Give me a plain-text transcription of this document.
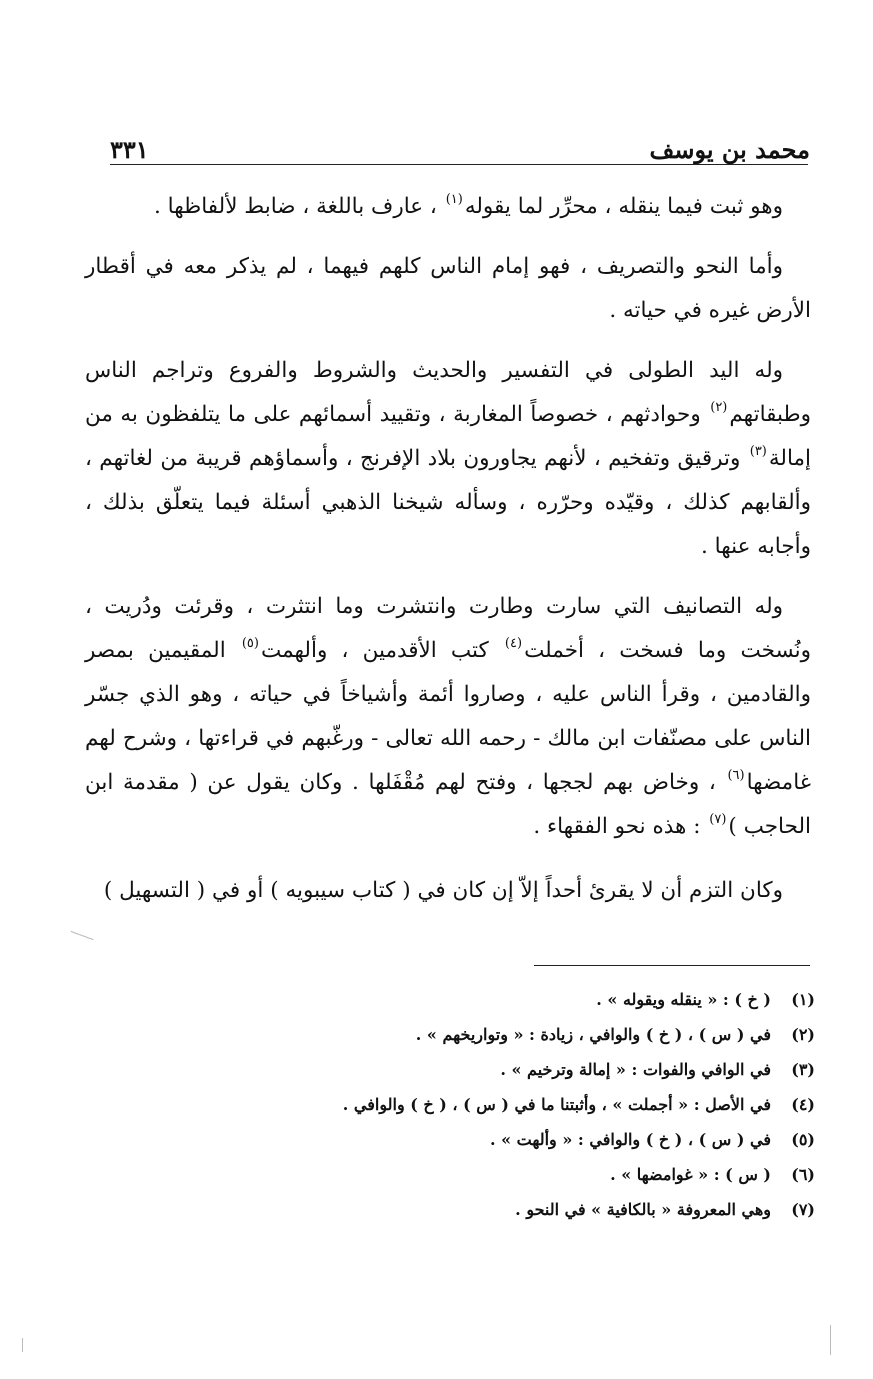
محمد بن يوسف
٣٣١

وهو ثبت فيما ينقله ، محرِّر لما يقوله$^{(١)}$ ، عارف باللغة ، ضابط لألفاظها .

وأما النحو والتصريف ، فهو إمام الناس كلهم فيهما ، لم يذكر معه في أقطار الأرض غيره في حياته .

وله اليد الطولى في التفسير والحديث والشروط والفروع وتراجم الناس وطبقاتهم$^{(٢)}$ وحوادثهم ، خصوصاً المغاربة ، وتقييد أسمائهم على ما يتلفظون به من إمالة$^{(٣)}$ وترقيق وتفخيم ، لأنهم يجاورون بلاد الإفرنج ، وأسماؤهم قريبة من لغاتهم ، وألقابهم كذلك ، وقيّده وحرّره ، وسأله شيخنا الذهبي أسئلة فيما يتعلّق بذلك ، وأجابه عنها .

وله التصانيف التي سارت وطارت وانتشرت وما انتثرت ، وقرئت ودُريت ، ونُسخت وما فسخت ، أخملت$^{(٤)}$ كتب الأقدمين ، وألهمت$^{(٥)}$ المقيمين بمصر والقادمين ، وقرأ الناس عليه ، وصاروا أئمة وأشياخاً في حياته ، وهو الذي جسّر الناس على مصنّفات ابن مالك - رحمه الله تعالى - ورغّبهم في قراءتها ، وشرح لهم غامضها$^{(٦)}$ ، وخاض بهم لججها ، وفتح لهم مُقْفَلها . وكان يقول عن ( مقدمة ابن الحاجب )$^{(٧)}$ : هذه نحو الفقهاء .

وكان التزم أن لا يقرئ أحداً إلاّ إن كان في ( كتاب سيبويه ) أو في ( التسهيل )

(١)
( خ ) : « ينقله ويقوله » .
(٢)
في ( س ) ، ( خ ) والوافي ، زيادة : « وتواريخهم » .
(٣)
في الوافي والفوات : « إمالة وترخيم » .
(٤)
في الأصل : « أجملت » ، وأثبتنا ما في ( س ) ، ( خ ) والوافي .
(٥)
في ( س ) ، ( خ ) والوافي : « وألهت » .
(٦)
( س ) : « غوامضها » .
(٧)
وهي المعروفة « بالكافية » في النحو .
